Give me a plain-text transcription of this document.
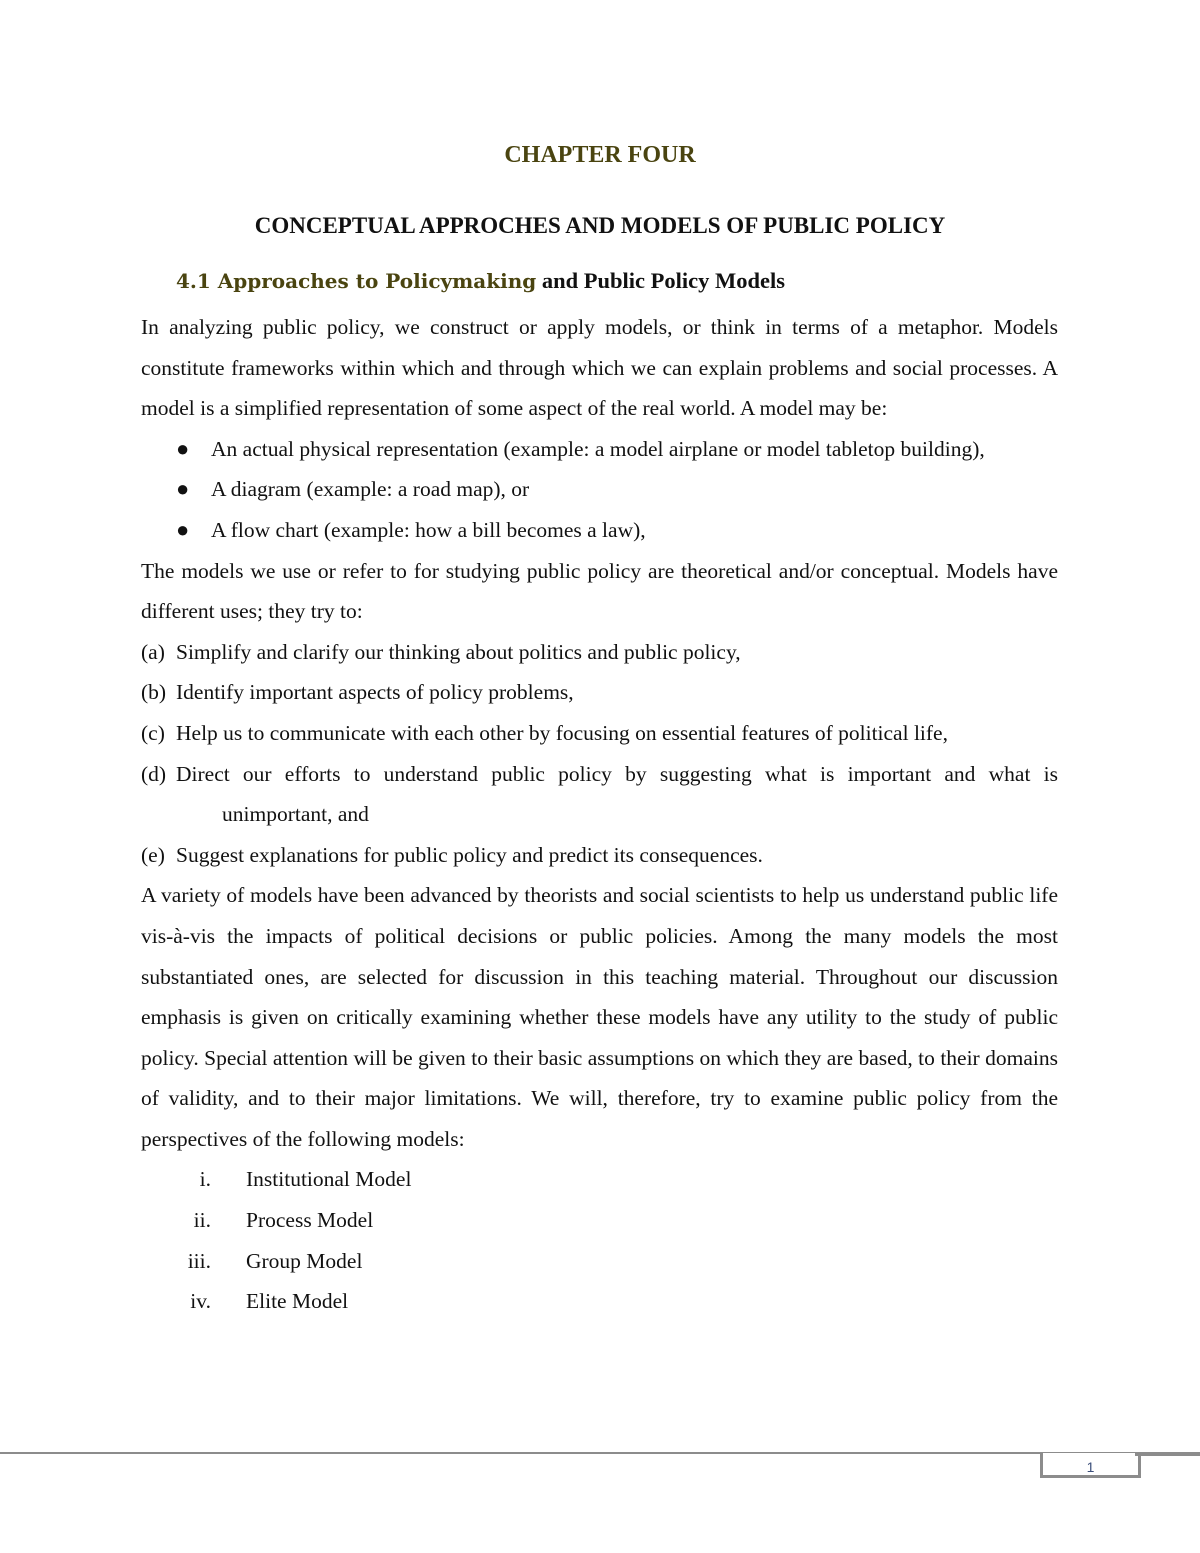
CHAPTER FOUR
CONCEPTUAL APPROCHES AND MODELS OF PUBLIC POLICY
4.1 Approaches to Policymaking and Public Policy Models

In analyzing public policy, we construct or apply models, or think in terms of a metaphor. Models constitute frameworks within which and through which we can explain problems and social processes. A model is a simplified representation of some aspect of the real world. A model may be:

● An actual physical representation (example: a model airplane or model tabletop building),
● A diagram (example: a road map), or
● A flow chart (example: how a bill becomes a law),

The models we use or refer to for studying public policy are theoretical and/or conceptual. Models have different uses; they try to:

(a) Simplify and clarify our thinking about politics and public policy,
(b) Identify important aspects of policy problems,
(c) Help us to communicate with each other by focusing on essential features of political life,
(d) Direct our efforts to understand public policy by suggesting what is important and what is
unimportant, and
(e) Suggest explanations for public policy and predict its consequences.

A variety of models have been advanced by theorists and social scientists to help us understand public life vis-à-vis the impacts of political decisions or public policies. Among the many models the most substantiated ones, are selected for discussion in this teaching material. Throughout our discussion emphasis is given on critically examining whether these models have any utility to the study of public policy. Special attention will be given to their basic assumptions on which they are based, to their domains of validity, and to their major limitations. We will, therefore, try to examine public policy from the perspectives of the following models:

i. Institutional Model
ii. Process Model
iii. Group Model
iv. Elite Model
1
